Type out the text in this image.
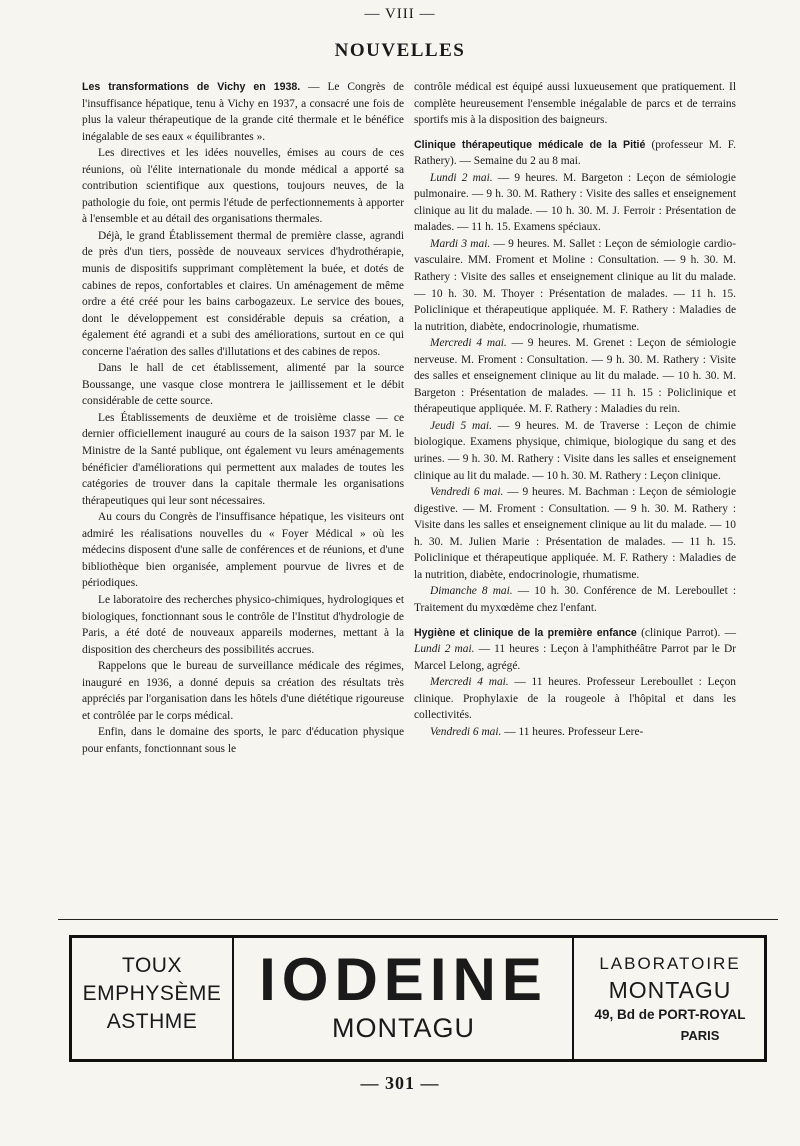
— VIII —
NOUVELLES

Les transformations de Vichy en 1938. — Le Congrès de l'insuffisance hépatique, tenu à Vichy en 1937, a consacré une fois de plus la valeur thérapeutique de la grande cité thermale et le bénéfice inégalable de ses eaux « équilibrantes ».

Les directives et les idées nouvelles, émises au cours de ces réunions, où l'élite internationale du monde médical a apporté sa contribution scientifique aux questions, toujours neuves, de la pathologie du foie, ont permis l'étude de perfectionnements à apporter à l'ensemble et au détail des organisations thermales.

Déjà, le grand Établissement thermal de première classe, agrandi de près d'un tiers, possède de nouveaux services d'hydrothérapie, munis de dispositifs supprimant complètement la buée, et dotés de cabines de repos, confortables et claires. Un aménagement de même ordre a été créé pour les bains carbogazeux. Le service des boues, dont le développement est considérable depuis sa création, a également été agrandi et a subi des améliorations, surtout en ce qui concerne l'aération des salles d'illutations et des cabines de repos.

Dans le hall de cet établissement, alimenté par la source Boussange, une vasque close montrera le jaillissement et le débit considérable de cette source.

Les Établissements de deuxième et de troisième classe — ce dernier officiellement inauguré au cours de la saison 1937 par M. le Ministre de la Santé publique, ont également vu leurs aménagements bénéficier d'améliorations qui permettent aux malades de toutes les catégories de trouver dans la capitale thermale les organisations thérapeutiques qui leur sont nécessaires.

Au cours du Congrès de l'insuffisance hépatique, les visiteurs ont admiré les réalisations nouvelles du « Foyer Médical » où les médecins disposent d'une salle de conférences et de réunions, et d'une bibliothèque bien organisée, amplement pourvue de livres et de périodiques.

Le laboratoire des recherches physico-chimiques, hydrologiques et biologiques, fonctionnant sous le contrôle de l'Institut d'hydrologie de Paris, a été doté de nouveaux appareils modernes, mettant à la disposition des chercheurs des possibilités accrues.

Rappelons que le bureau de surveillance médicale des régimes, inauguré en 1936, a donné depuis sa création des résultats très appréciés par l'organisation dans les hôtels d'une diététique rigoureuse et contrôlée par le corps médical.

Enfin, dans le domaine des sports, le parc d'éducation physique pour enfants, fonctionnant sous le

contrôle médical est équipé aussi luxueusement que pratiquement. Il complète heureusement l'ensemble inégalable de parcs et de terrains sportifs mis à la disposition des baigneurs.

Clinique thérapeutique médicale de la Pitié (professeur M. F. Rathery). — Semaine du 2 au 8 mai.

Lundi 2 mai. — 9 heures. M. Bargeton : Leçon de sémiologie pulmonaire. — 9 h. 30. M. Rathery : Visite des salles et enseignement clinique au lit du malade. — 10 h. 30. M. J. Ferroir : Présentation de malades. — 11 h. 15. Examens spéciaux.

Mardi 3 mai. — 9 heures. M. Sallet : Leçon de sémiologie cardio-vasculaire. MM. Froment et Moline : Consultation. — 9 h. 30. M. Rathery : Visite des salles et enseignement clinique au lit du malade. — 10 h. 30. M. Thoyer : Présentation de malades. — 11 h. 15. Policlinique et thérapeutique appliquée. M. F. Rathery : Maladies de la nutrition, diabète, endocrinologie, rhumatisme.

Mercredi 4 mai. — 9 heures. M. Grenet : Leçon de sémiologie nerveuse. M. Froment : Consultation. — 9 h. 30. M. Rathery : Visite des salles et enseignement clinique au lit du malade. — 10 h. 30. M. Bargeton : Présentation de malades. — 11 h. 15 : Policlinique et thérapeutique appliquée. M. F. Rathery : Maladies du rein.

Jeudi 5 mai. — 9 heures. M. de Traverse : Leçon de chimie biologique. Examens physique, chimique, biologique du sang et des urines. — 9 h. 30. M. Rathery : Visite dans les salles et enseignement clinique au lit du malade. — 10 h. 30. M. Rathery : Leçon clinique.

Vendredi 6 mai. — 9 heures. M. Bachman : Leçon de sémiologie digestive. — M. Froment : Consultation. — 9 h. 30. M. Rathery : Visite dans les salles et enseignement clinique au lit du malade. — 10 h. 30. M. Julien Marie : Présentation de malades. — 11 h. 15. Policlinique et thérapeutique appliquée. M. F. Rathery : Maladies de la nutrition, diabète, endocrinologie, rhumatisme.

Dimanche 8 mai. — 10 h. 30. Conférence de M. Lereboullet : Traitement du myxœdème chez l'enfant.

Hygiène et clinique de la première enfance (clinique Parrot). — Lundi 2 mai. — 11 heures : Leçon à l'amphithéâtre Parrot par le Dr Marcel Lelong, agrégé.

Mercredi 4 mai. — 11 heures. Professeur Lereboullet : Leçon clinique. Prophylaxie de la rougeole à l'hôpital et dans les collectivités.

Vendredi 6 mai. — 11 heures. Professeur Lere-

TOUX
EMPHYSÈME
ASTHME
IODEINE
MONTAGU
LABORATOIRE
MONTAGU
49, Bd de PORT-ROYAL
PARIS
— 301 —
